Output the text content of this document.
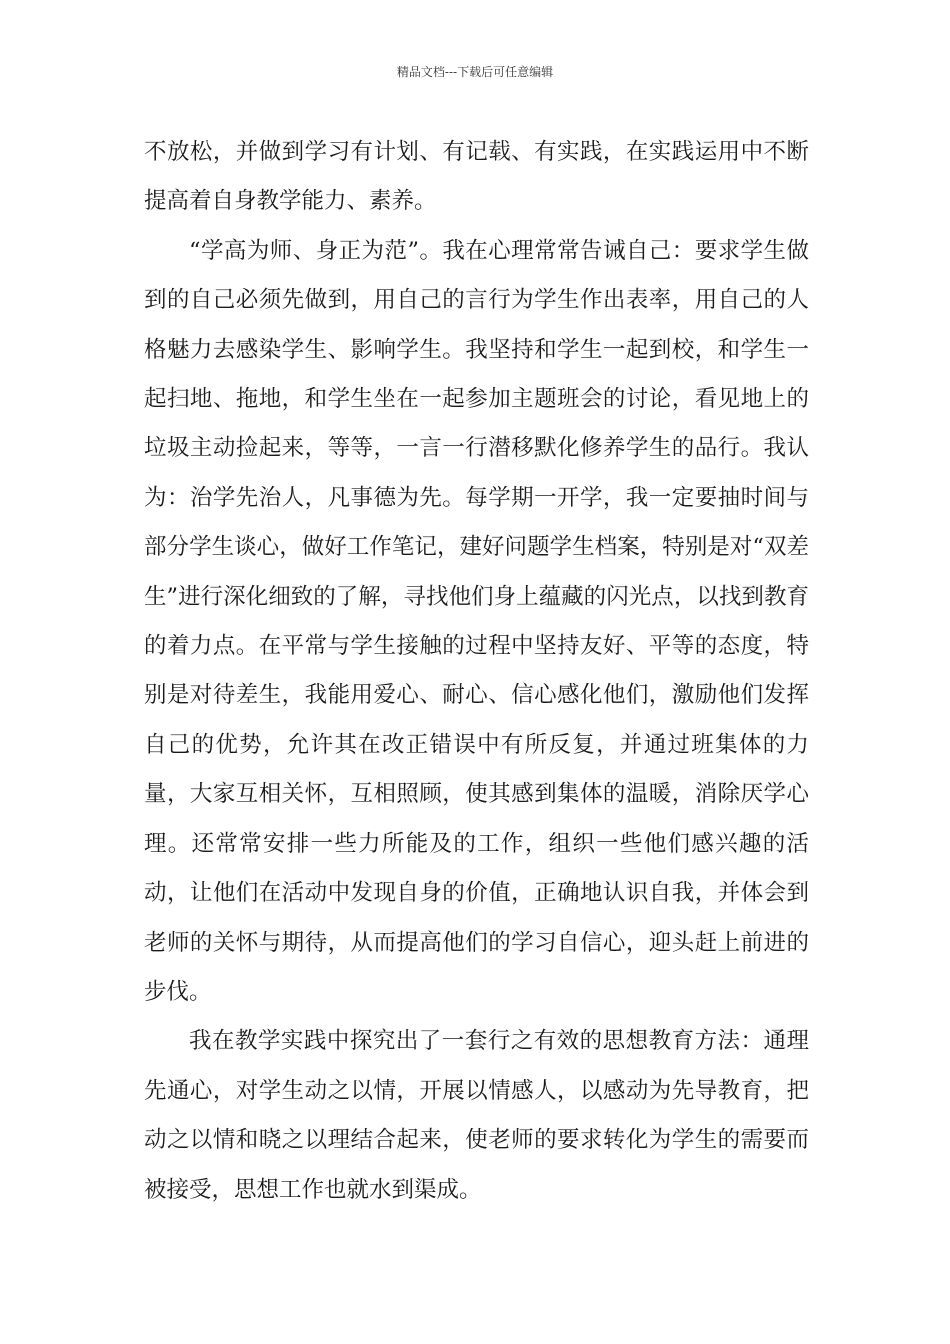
精品文档---下载后可任意编辑

不放松，并做到学习有计划、有记载、有实践，在实践运用中不断提高着自身教学能力、素养。

“学高为师、身正为范”。我在心理常常告诫自己：要求学生做到的自己必须先做到，用自己的言行为学生作出表率，用自己的人格魅力去感染学生、影响学生。我坚持和学生一起到校，和学生一起扫地、拖地，和学生坐在一起参加主题班会的讨论，看见地上的垃圾主动捡起来，等等，一言一行潜移默化修养学生的品行。我认为：治学先治人，凡事德为先。每学期一开学，我一定要抽时间与部分学生谈心，做好工作笔记，建好问题学生档案，特别是对“双差生”进行深化细致的了解，寻找他们身上蕴藏的闪光点，以找到教育的着力点。在平常与学生接触的过程中坚持友好、平等的态度，特别是对待差生，我能用爱心、耐心、信心感化他们，激励他们发挥自己的优势，允许其在改正错误中有所反复，并通过班集体的力量，大家互相关怀，互相照顾，使其感到集体的温暖，消除厌学心理。还常常安排一些力所能及的工作，组织一些他们感兴趣的活动，让他们在活动中发现自身的价值，正确地认识自我，并体会到老师的关怀与期待，从而提高他们的学习自信心，迎头赶上前进的步伐。

我在教学实践中探究出了一套行之有效的思想教育方法：通理先通心，对学生动之以情，开展以情感人，以感动为先导教育，把动之以情和晓之以理结合起来，使老师的要求转化为学生的需要而被接受，思想工作也就水到渠成。
